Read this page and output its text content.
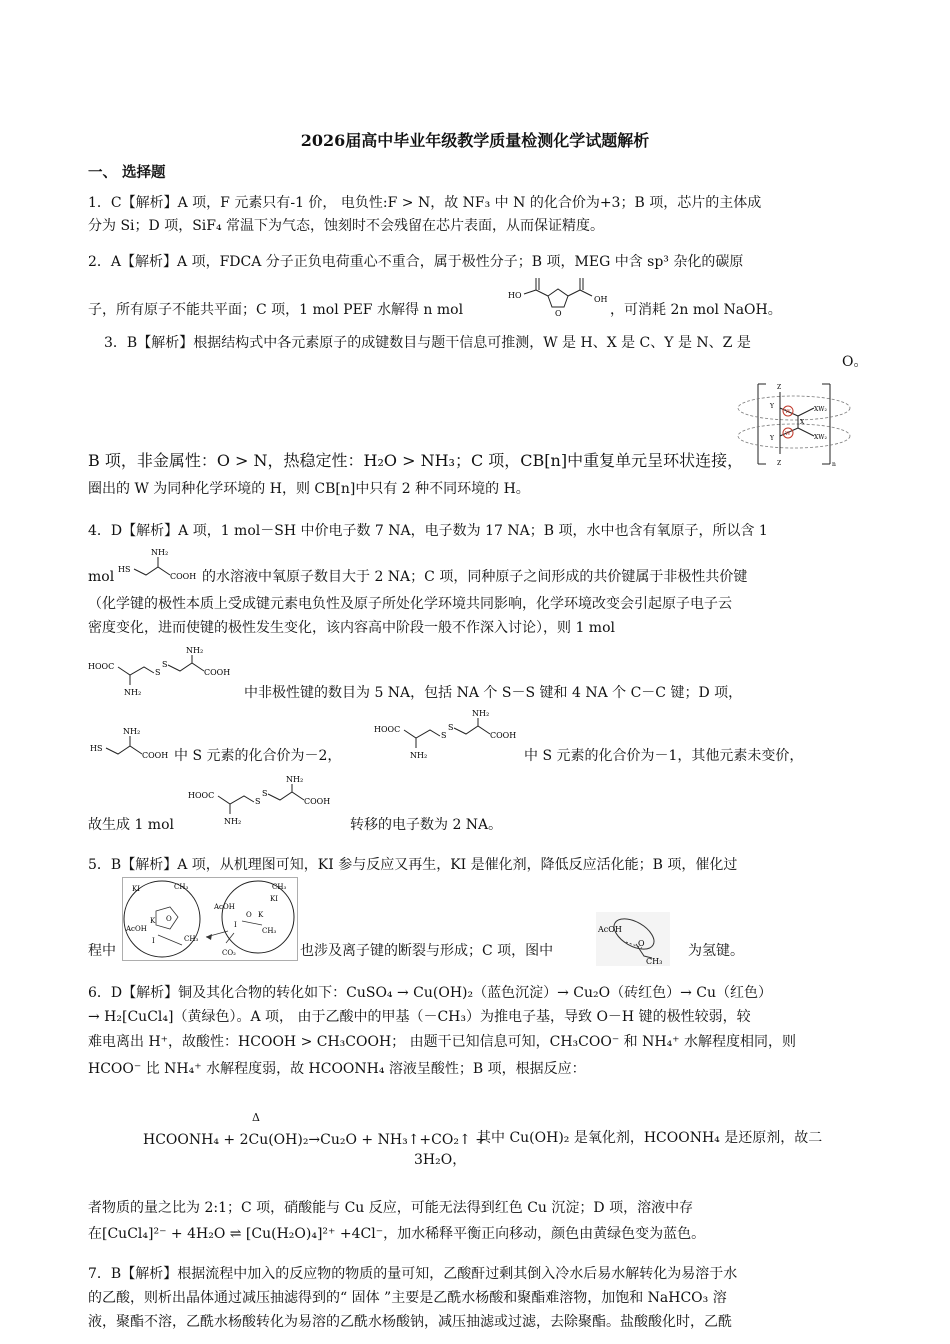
2026届高中毕业年级教学质量检测化学试题解析
一、 选择题
1．C【解析】A 项，F 元素只有-1 价， 电负性:F > N，故 NF₃ 中 N 的化合价为+3；B 项，芯片的主体成
分为 Si；D 项，SiF₄ 常温下为气态，蚀刻时不会残留在芯片表面，从而保证精度。
2．A【解析】A 项，FDCA 分子正负电荷重心不重合，属于极性分子；B 项，MEG 中含 sp³ 杂化的碳原
子，所有原子不能共平面；C 项，1 mol PEF 水解得 n mol
HO	OH
O	，可消耗 2n mol NaOH。
3．B【解析】根据结构式中各元素原子的成键数目与题干信息可推测，W 是 H、X 是 C、Y 是 N、Z 是
O。
Z
Z
Y
Y
X
W
W
XW₂
XW₂
n
B 项，非金属性：O > N，热稳定性：H₂O > NH₃；C 项，CB[n]中重复单元呈环状连接，
圈出的 W 为同种化学环境的 H，则 CB[n]中只有 2 种不同环境的 H。
4．D【解析】A 项，1 mol－SH 中价电子数 7 NA，电子数为 17 NA；B 项，水中也含有氧原子，所以含 1
mol HS
NH₂
COOH 的水溶液中氧原子数目大于 2 NA；C 项，同种原子之间形成的共价键属于非极性共价键
（化学键的极性本质上受成键元素电负性及原子所处化学环境共同影响，化学环境改变会引起原子电子云
密度变化，进而使键的极性发生变化，该内容高中阶段一般不作深入讨论），则 1 mol
HOOC
NH₂
S
S
NH₂
COOH
中非极性键的数目为 5 NA，包括 NA 个 S－S 键和 4 NA 个 C－C 键；D 项，
HS
NH₂
COOH 中 S 元素的化合价为－2，
HOOC
NH₂
S
S
NH₂
COOH
中 S 元素的化合价为－1，其他元素未变价，
故生成 1 mol
HOOC
NH₂
S
S
NH₂
COOH
转移的电子数为 2 NA。
5．B【解析】A 项，从机理图可知，KI 参与反应又再生，KI 是催化剂，降低反应活化能；B 项，催化过
程中
KI	CH₃
K O
AcOH
I	CH₃
CH₃
KI
AcOH
O K
I
CH₃
CO₂	也涉及离子键的断裂与形成；C 项，图中
AcOH
O
CH₃
为氢键。
6．D【解析】铜及其化合物的转化如下：CuSO₄ → Cu(OH)₂（蓝色沉淀）→ Cu₂O（砖红色）→ Cu（红色）
→ H₂[CuCl₄]（黄绿色）。A 项， 由于乙酸中的甲基（－CH₃）为推电子基，导致 O－H 键的极性较弱，较
难电离出 H⁺，故酸性：HCOOH > CH₃COOH； 由题干已知信息可知，CH₃COO⁻ 和 NH₄⁺ 水解程度相同，则
HCOO⁻ 比 NH₄⁺ 水解程度弱，故 HCOONH₄ 溶液呈酸性；B 项，根据反应：
Δ
HCOONH₄ + 2Cu(OH)₂→Cu₂O + NH₃↑+CO₂↑ +
3H₂O，
其中 Cu(OH)₂ 是氧化剂，HCOONH₄ 是还原剂，故二
者物质的量之比为 2:1；C 项，硝酸能与 Cu 反应，可能无法得到红色 Cu 沉淀；D 项，溶液中存
在[CuCl₄]²⁻ + 4H₂O ⇌ [Cu(H₂O)₄]²⁺ +4Cl⁻，加水稀释平衡正向移动，颜色由黄绿色变为蓝色。
7．B【解析】根据流程中加入的反应物的物质的量可知，乙酸酐过剩其倒入冷水后易水解转化为易溶于水
的乙酸，则析出晶体通过减压抽滤得到的“ 固体 ”主要是乙酰水杨酸和聚酯难溶物，加饱和 NaHCO₃ 溶
液，聚酯不溶，乙酰水杨酸转化为易溶的乙酰水杨酸钠，减压抽滤或过滤，去除聚酯。盐酸酸化时，乙酰
